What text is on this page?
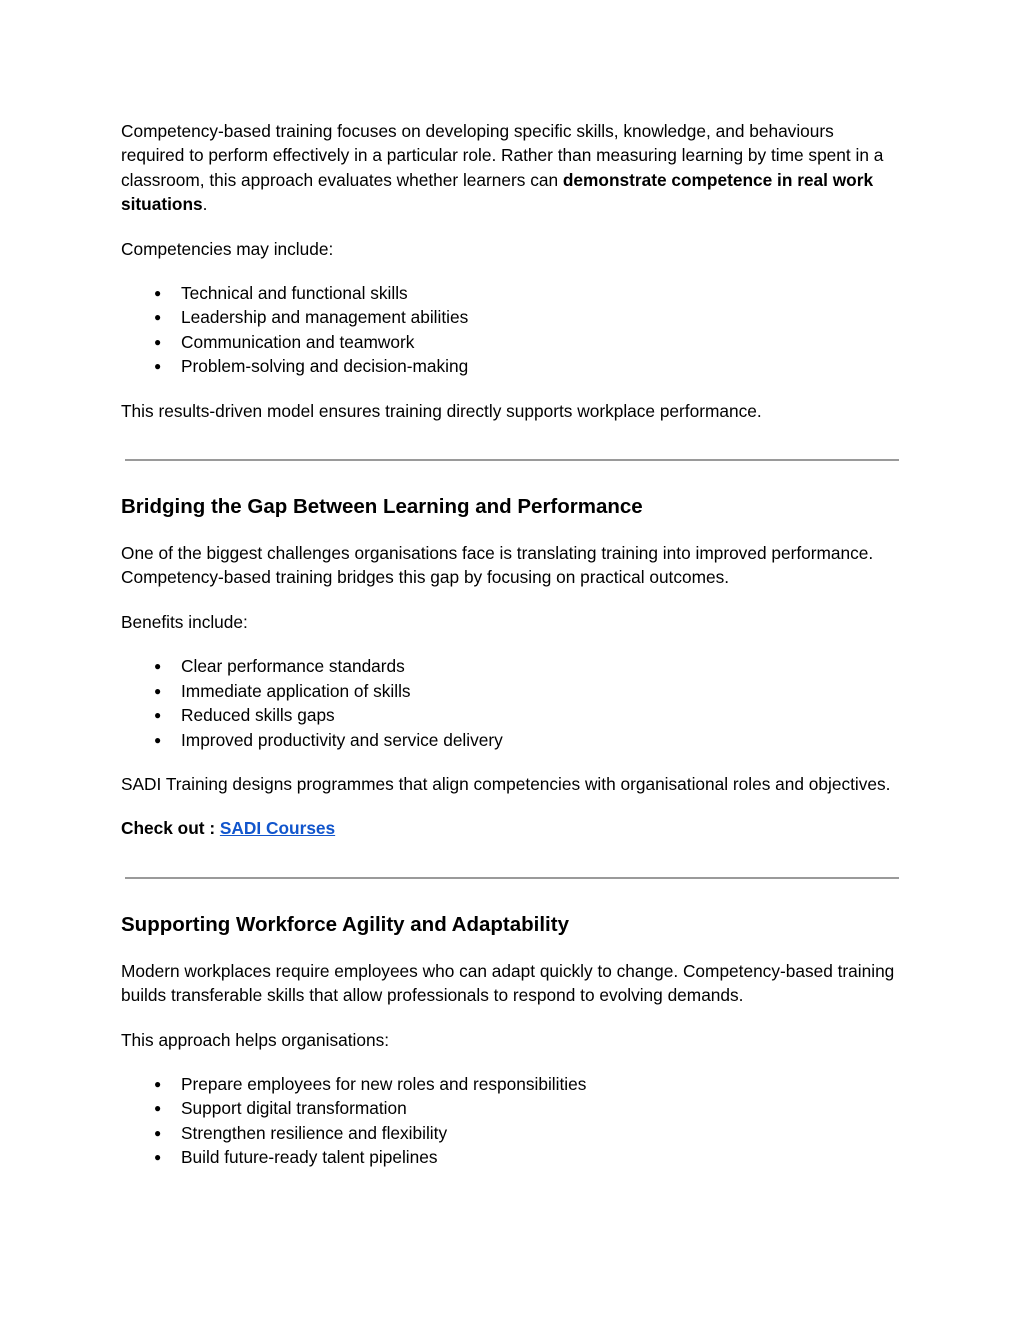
Competency-based training focuses on developing specific skills, knowledge, and behaviours required to perform effectively in a particular role. Rather than measuring learning by time spent in a classroom, this approach evaluates whether learners can demonstrate competence in real work situations.

Competencies may include:

● Technical and functional skills
● Leadership and management abilities
● Communication and teamwork
● Problem-solving and decision-making

This results-driven model ensures training directly supports workplace performance.

Bridging the Gap Between Learning and Performance

One of the biggest challenges organisations face is translating training into improved performance. Competency-based training bridges this gap by focusing on practical outcomes.

Benefits include:

● Clear performance standards
● Immediate application of skills
● Reduced skills gaps
● Improved productivity and service delivery

SADI Training designs programmes that align competencies with organisational roles and objectives.

Check out : SADI Courses

Supporting Workforce Agility and Adaptability

Modern workplaces require employees who can adapt quickly to change. Competency-based training builds transferable skills that allow professionals to respond to evolving demands.

This approach helps organisations:

● Prepare employees for new roles and responsibilities
● Support digital transformation
● Strengthen resilience and flexibility
● Build future-ready talent pipelines
